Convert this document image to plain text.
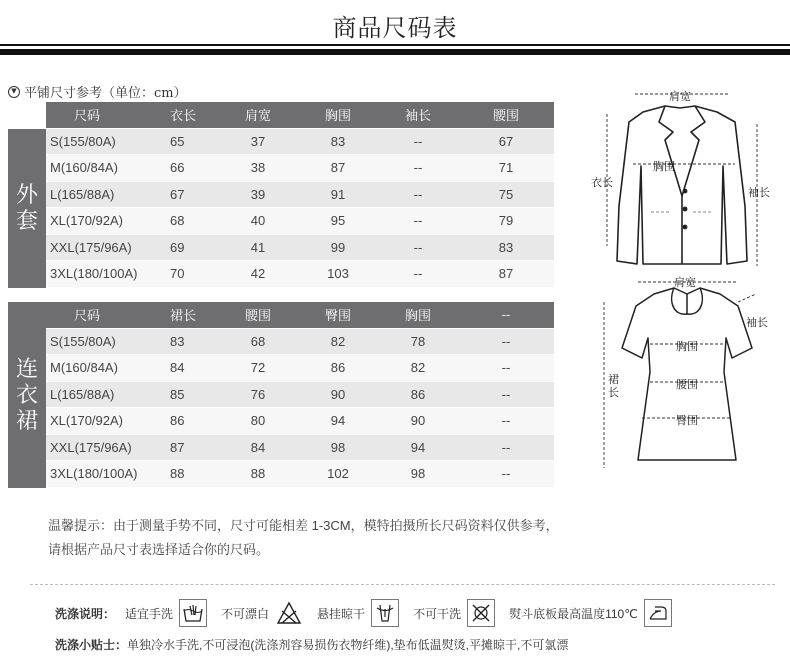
商品尺码表
▼ 平铺尺寸参考（单位：cm）
外
套
尺码	衣长	肩宽	胸围	袖长	腰围
S(155/80A)	65	37	83	--	67
M(160/84A)	66	38	87	--	71
L(165/88A)	67	39	91	--	75
XL(170/92A)	68	40	95	--	79
XXL(175/96A)	69	41	99	--	83
3XL(180/100A)	70	42	103	--	87
连
衣
裙
尺码	裙长	腰围	臀围	胸围	--
S(155/80A)	83	68	82	78	--
M(160/84A)	84	72	86	82	--
L(165/88A)	85	76	90	86	--
XL(170/92A)	86	80	94	90	--
XXL(175/96A)	87	84	98	94	--
3XL(180/100A)	88	88	102	98	--
肩宽
胸围
衣长
袖长
肩宽
袖长
胸围
腰围
臀围
裙
长
温馨提示：由于测量手势不同，尺寸可能相差 1-3CM，模特拍摄所长尺码资料仅供参考，
请根据产品尺寸表选择适合你的尺码。
洗涤说明： 适宜手洗	不可漂白	悬挂晾干	不可干洗	熨斗底板最高温度110℃
洗涤小贴士：单独冷水手洗,不可浸泡(洗涤剂容易损伤衣物纤维),垫布低温熨烫,平摊晾干,不可氯漂
